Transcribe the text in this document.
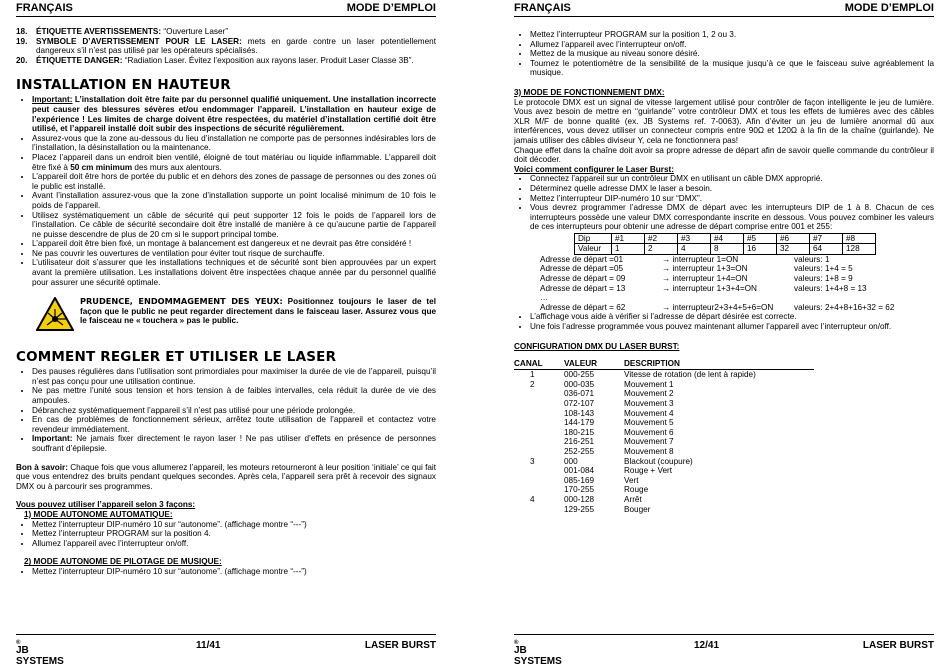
FRANÇAIS	MODE D’EMPLOI
18. ÉTIQUETTE AVERTISSEMENTS: “Ouverture Laser”
19. SYMBOLE D’AVERTISSEMENT POUR LE LASER: mets en garde contre un laser potentiellement dangereux s’il n’est pas utilisé par les opérateurs spécialisés.
20. ÉTIQUETTE DANGER: “Radiation Laser. Évitez l’exposition aux rayons laser. Produit Laser Classe 3B”.
INSTALLATION EN HAUTEUR
• Important: L’installation doit être faite par du personnel qualifié uniquement. Une installation incorrecte peut causer des blessures sévères et/ou endommager l’appareil. L’installation en hauteur exige de l’expérience ! Les limites de charge doivent être respectées, du matériel d’installation certifié doit être utilisé, et l’appareil installé doit subir des inspections de sécurité régulièrement.
• Assurez-vous que la zone au-dessous du lieu d’installation ne comporte pas de personnes indésirables lors de l’installation, la désinstallation ou la maintenance.
• Placez l’appareil dans un endroit bien ventilé, éloigné de tout matériau ou liquide inflammable. L’appareil doit être fixé à 50 cm minimum des murs aux alentours.
• L’appareil doit être hors de portée du public et en dehors des zones de passage de personnes ou des zones où le public est installé.
• Avant l’installation assurez-vous que la zone d’installation supporte un point localisé minimum de 10 fois le poids de l’appareil.
• Utilisez systématiquement un câble de sécurité qui peut supporter 12 fois le poids de l’appareil lors de l’installation. Ce câble de sécurité secondaire doit être installé de manière à ce qu’aucune partie de l’appareil ne puisse descendre de plus de 20 cm si le support principal tombe.
• L’appareil doit être bien fixé, un montage à balancement est dangereux et ne devrait pas être considéré !
• Ne pas couvrir les ouvertures de ventilation pour éviter tout risque de surchauffe.
• L’utilisateur doit s’assurer que les installations techniques et de sécurité sont bien approuvées par un expert avant la première utilisation. Les installations doivent être inspectées chaque année par du personnel qualifié pour assurer une sécurité optimale.

PRUDENCE, ENDOMMAGEMENT DES YEUX: Positionnez toujours le laser de tel façon que le public ne peut regarder directement dans le faisceau laser. Assurez vous que le faisceau ne « touchera » pas le public.

COMMENT REGLER ET UTILISER LE LASER
• Des pauses régulières dans l’utilisation sont primordiales pour maximiser la durée de vie de l’appareil, puisqu’il n’est pas conçu pour une utilisation continue.
• Ne pas mettre l’unité sous tension et hors tension à de faibles intervalles, cela réduit la durée de vie des ampoules.
• Débranchez systématiquement l’appareil s’il n’est pas utilisé pour une période prolongée.
• En cas de problèmes de fonctionnement sérieux, arrêtez toute utilisation de l’appareil et contactez votre revendeur immédiatement.
• Important: Ne jamais fixer directement le rayon laser ! Ne pas utiliser d’effets en présence de personnes souffrant d’épilepsie.

Bon à savoir: Chaque fois que vous allumerez l’appareil, les moteurs retourneront à leur position ‘initiale’ ce qui fait que vous entendrez des bruits pendant quelques secondes. Après cela, l’appareil sera prêt à recevoir des signaux DMX ou à parcourir ses programmes.

Vous pouvez utiliser l’appareil selon 3 façons:

1) MODE AUTONOME AUTOMATIQUE:

• Mettez l’interrupteur DIP-numéro 10 sur “autonome”. (affichage montre “---”)
• Mettez l’interrupteur PROGRAM sur la position 4.
• Allumez l’appareil avec l’interrupteur on/off.

2) MODE AUTONOME DE PILOTAGE DE MUSIQUE:

• Mettez l’interrupteur DIP-numéro 10 sur “autonome”. (affichage montre “---”)
JB SYSTEMS
®	11/41	LASER BURST
FRANÇAIS	MODE D’EMPLOI
• Mettez l’interrupteur PROGRAM sur la position 1, 2 ou 3.
• Allumez l’appareil avec l’interrupteur on/off.
• Mettez de la musique au niveau sonore désiré.
• Tournez le potentiomètre de la sensibilité de la musique jusqu’à ce que le faisceau suive agréablement la musique.

3) MODE DE FONCTIONNEMENT DMX:

Le protocole DMX est un signal de vitesse largement utilisé pour contrôler de façon intelligente le jeu de lumière. Vous avez besoin de mettre en ‘‘guirlande’’ votre contrôleur DMX et tous les effets de lumières avec des câbles XLR M/F de bonne qualité (ex. JB Systems ref. 7-0063). Afin d’éviter un jeu de lumière anormal dû aux interférences, vous devez utiliser un connecteur compris entre 90Ω et 120Ω à la fin de la chaîne (guirlande). Ne jamais utiliser des câbles diviseur Y, cela ne fonctionnera pas!

Chaque effet dans la chaîne doit avoir sa propre adresse de départ afin de savoir quelle commande du contrôleur il doit décoder.

Voici comment configurer le Laser Burst:

• Connectez l’appareil sur un contrôleur DMX en utilisant un câble DMX approprié.
• Déterminez quelle adresse DMX le laser a besoin.
• Mettez l’interrupteur DIP-numéro 10 sur “DMX”.
• Vous devrez programmer l’adresse DMX de départ avec les interrupteurs DIP de 1 à 8. Chacun de ces interrupteurs possède une valeur DMX correspondante inscrite en dessous. Vous pouvez combiner les valeurs de ces interrupteurs pour obtenir une adresse de départ comprise entre 001 et 255:
Dip	#1	#2	#3	#4	#5	#6	#7	#8
Valeur	1	2	4	8	16	32	64	128
Adresse de départ =01	→ interrupteur 1=ON	valeurs: 1
Adresse de départ =05	→ interrupteur 1+3=ON	valeurs: 1+4 = 5
Adresse de départ = 09	→ interrupteur 1+4=ON	valeurs: 1+8 = 9
Adresse de départ = 13	→ interrupteur 1+3+4=ON	valeurs: 1+4+8 = 13
…		
Adresse de départ = 62	→ interrupteur2+3+4+5+6=ON	valeurs: 2+4+8+16+32 = 62
• L’affichage vous aide à vérifier si l’adresse de départ désirée est correcte.
• Une fois l’adresse programmée vous pouvez maintenant allumer l’appareil avec l’interrupteur on/off.

CONFIGURATION DMX DU LASER BURST:

CANAL	VALEUR	DESCRIPTION
1	000-255	Vitesse de rotation (de lent à rapide)
2	000-035	Mouvement 1
	036-071	Mouvement 2
	072-107	Mouvement 3
	108-143	Mouvement 4
	144-179	Mouvement 5
	180-215	Mouvement 6
	216-251	Mouvement 7
	252-255	Mouvement 8
3	000	Blackout (coupure)
	001-084	Rouge + Vert
	085-169	Vert
	170-255	Rouge
4	000-128	Arrêt
	129-255	Bouger
JB SYSTEMS
®	12/41	LASER BURST
